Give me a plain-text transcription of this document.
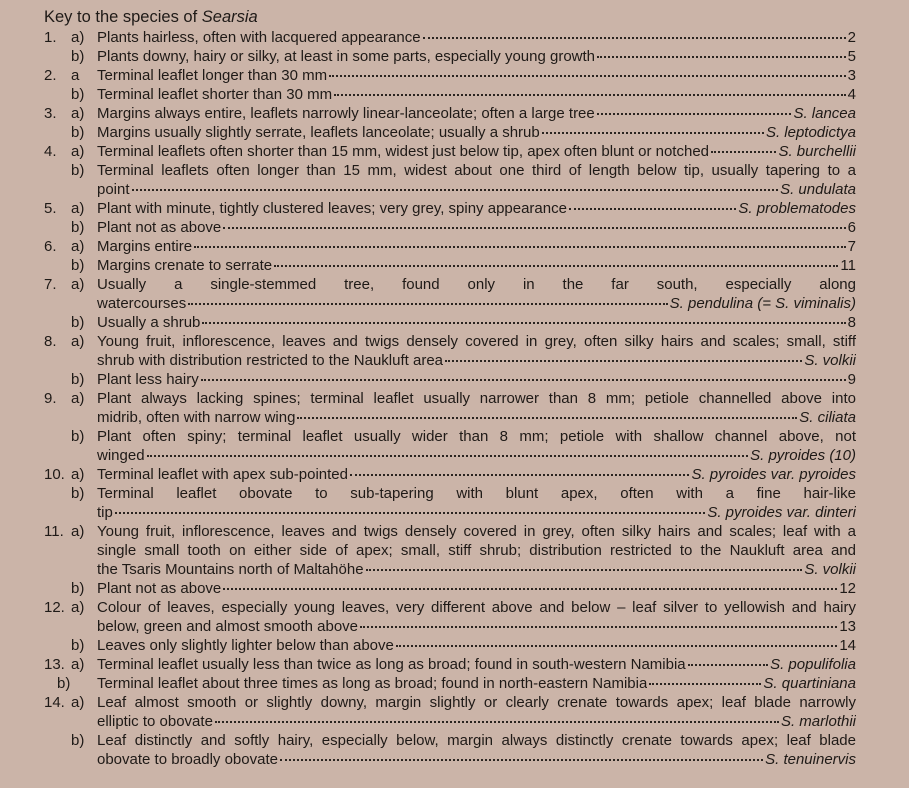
Key to the species of Searsia
1. a) Plants hairless, often with lacquered appearance	2
b) Plants downy, hairy or silky, at least in some parts, especially young growth	5
2. a	Terminal leaflet longer than 30 mm	3
b) Terminal leaflet shorter than 30 mm	4
3. a) Margins always entire, leaflets narrowly linear-lanceolate; often a large tree	S. lancea
b) Margins usually slightly serrate, leaflets lanceolate; usually a shrub	S. leptodictya
4. a) Terminal leaflets often shorter than 15 mm, widest just below tip, apex often blunt or notched	S. burchellii
b) Terminal leaflets often longer than 15 mm, widest about one third of length below tip, usually tapering to a
point	S. undulata
5. a) Plant with minute, tightly clustered leaves; very grey, spiny appearance	S. problematodes
b) Plant not as above	6
6. a) Margins entire	7
b) Margins crenate to serrate	11
7. a) Usually a single-stemmed tree, found only in the far south, especially along
watercourses	S. pendulina (= S. viminalis)
b) Usually a shrub	8
8. a) Young fruit, inflorescence, leaves and twigs densely covered in grey, often silky hairs and scales; small, stiff
shrub with distribution restricted to the Naukluft area	S. volkii
b) Plant less hairy	9
9. a) Plant always lacking spines; terminal leaflet usually narrower than 8 mm; petiole channelled above into
midrib, often with narrow wing	S. ciliata
b) Plant often spiny; terminal leaflet usually wider than 8 mm; petiole with shallow channel above, not
winged	S. pyroides (10)
10. a) Terminal leaflet with apex sub-pointed	S. pyroides var. pyroides
b) Terminal leaflet obovate to sub-tapering with blunt apex, often with a fine hair-like
tip	S. pyroides var. dinteri
11. a) Young fruit, inflorescence, leaves and twigs densely covered in grey, often silky hairs and scales; leaf with a
single small tooth on either side of apex; small, stiff shrub; distribution restricted to the Naukluft area and
the Tsaris Mountains north of Maltahöhe	S. volkii
b) Plant not as above	12
12. a) Colour of leaves, especially young leaves, very different above and below – leaf silver to yellowish and hairy
below, green and almost smooth above	13
b) Leaves only slightly lighter below than above	14
13. a) Terminal leaflet usually less than twice as long as broad; found in south-western Namibia	S. populifolia
b)	Terminal leaflet about three times as long as broad; found in north-eastern Namibia	S. quartiniana
14. a) Leaf almost smooth or slightly downy, margin slightly or clearly crenate towards apex; leaf blade narrowly
elliptic to obovate	S. marlothii
b) Leaf distinctly and softly hairy, especially below, margin always distinctly crenate towards apex; leaf blade
obovate to broadly obovate	S. tenuinervis
